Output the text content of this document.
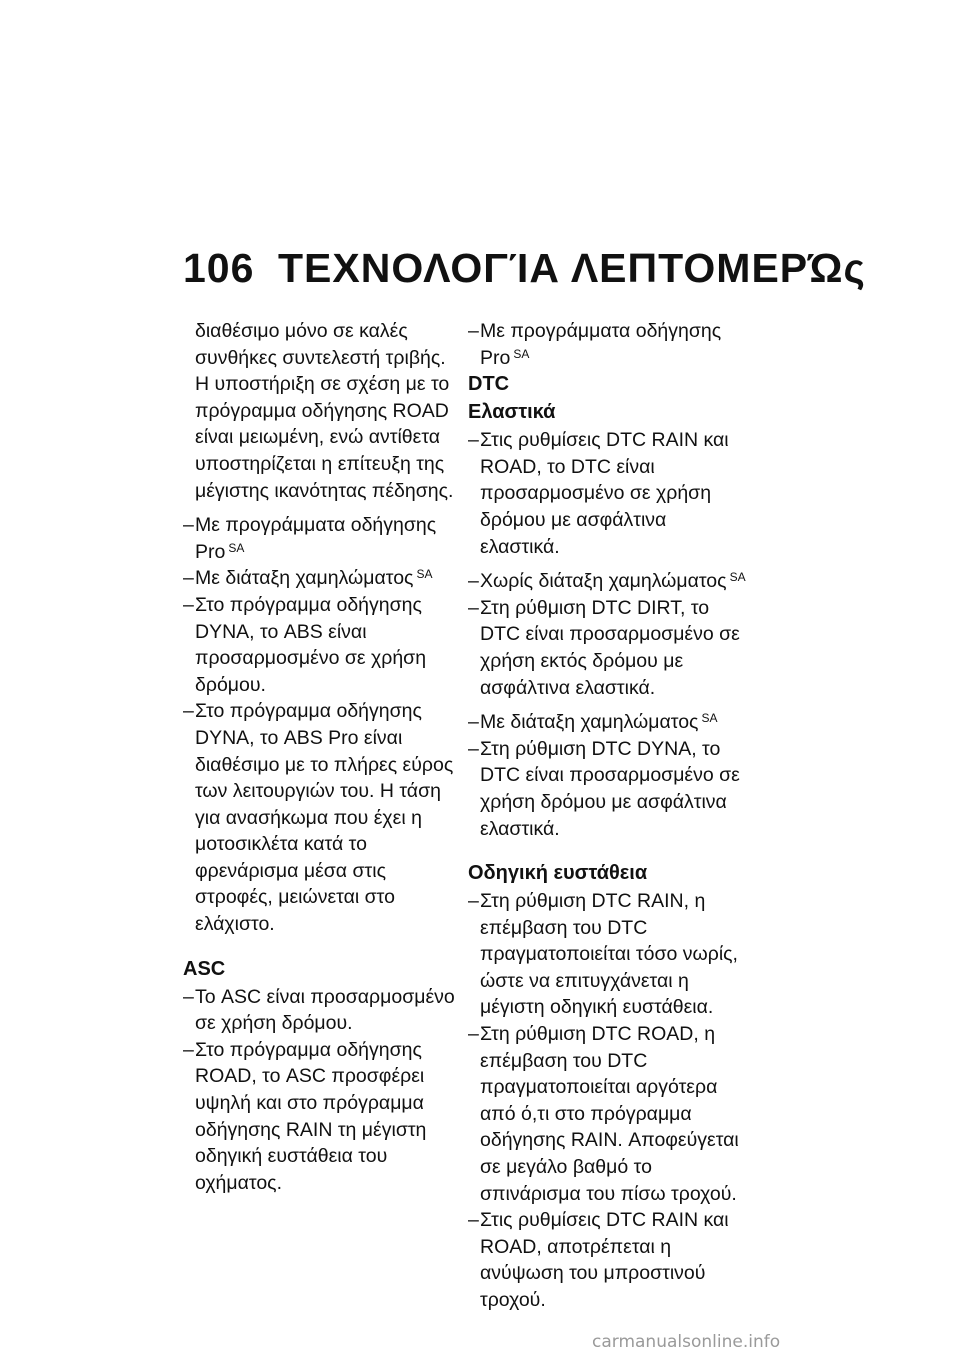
106 ΤΕΧΝΟΛΟΓΊΑ ΛΕΠΤΟΜΕΡΏς

διαθέσιμο μόνο σε καλές συνθήκες συντελεστή τριβής. Η υποστήριξη σε σχέση με το πρόγραμμα οδήγησης ROAD είναι μειωμένη, ενώ αντίθετα υποστηρίζεται η επίτευξη της μέγιστης ικανότητας πέδησης.

– Με προγράμματα οδήγησης Pro $^{SA}$
– Με διάταξη χαμηλώματος $^{SA}$
– Στο πρόγραμμα οδήγησης DYNA, το ABS είναι προσαρμοσμένο σε χρήση δρόμου.
– Στο πρόγραμμα οδήγησης DYNA, το ABS Pro είναι διαθέσιμο με το πλήρες εύρος των λειτουργιών του. Η τάση για ανασήκωμα που έχει η μοτοσικλέτα κατά το φρενάρισμα μέσα στις στροφές, μειώνεται στο ελάχιστο.
ASC
– Το ASC είναι προσαρμοσμένο σε χρήση δρόμου.
– Στο πρόγραμμα οδήγησης ROAD, το ASC προσφέρει υψηλή και στο πρόγραμμα οδήγησης RAIN τη μέγιστη οδηγική ευστάθεια του οχήματος.
– Με προγράμματα οδήγησης Pro $^{SA}$
DTC
Ελαστικά
– Στις ρυθμίσεις DTC RAIN και ROAD, το DTC είναι προσαρμοσμένο σε χρήση δρόμου με ασφάλτινα ελαστικά.
– Χωρίς διάταξη χαμηλώματος $^{SA}$
– Στη ρύθμιση DTC DIRT, το DTC είναι προσαρμοσμένο σε χρήση εκτός δρόμου με ασφάλτινα ελαστικά.
– Με διάταξη χαμηλώματος $^{SA}$
– Στη ρύθμιση DTC DYNA, το DTC είναι προσαρμοσμένο σε χρήση δρόμου με ασφάλτινα ελαστικά.
Οδηγική ευστάθεια
– Στη ρύθμιση DTC RAIN, η επέμβαση του DTC πραγματοποιείται τόσο νωρίς, ώστε να επιτυγχάνεται η μέγιστη οδηγική ευστάθεια.
– Στη ρύθμιση DTC ROAD, η επέμβαση του DTC πραγματοποιείται αργότερα από ό,τι στο πρόγραμμα οδήγησης RAIN. Αποφεύγεται σε μεγάλο βαθμό το σπινάρισμα του πίσω τροχού.
– Στις ρυθμίσεις DTC RAIN και ROAD, αποτρέπεται η ανύψωση του μπροστινού τροχού.
carmanualsonline.info
